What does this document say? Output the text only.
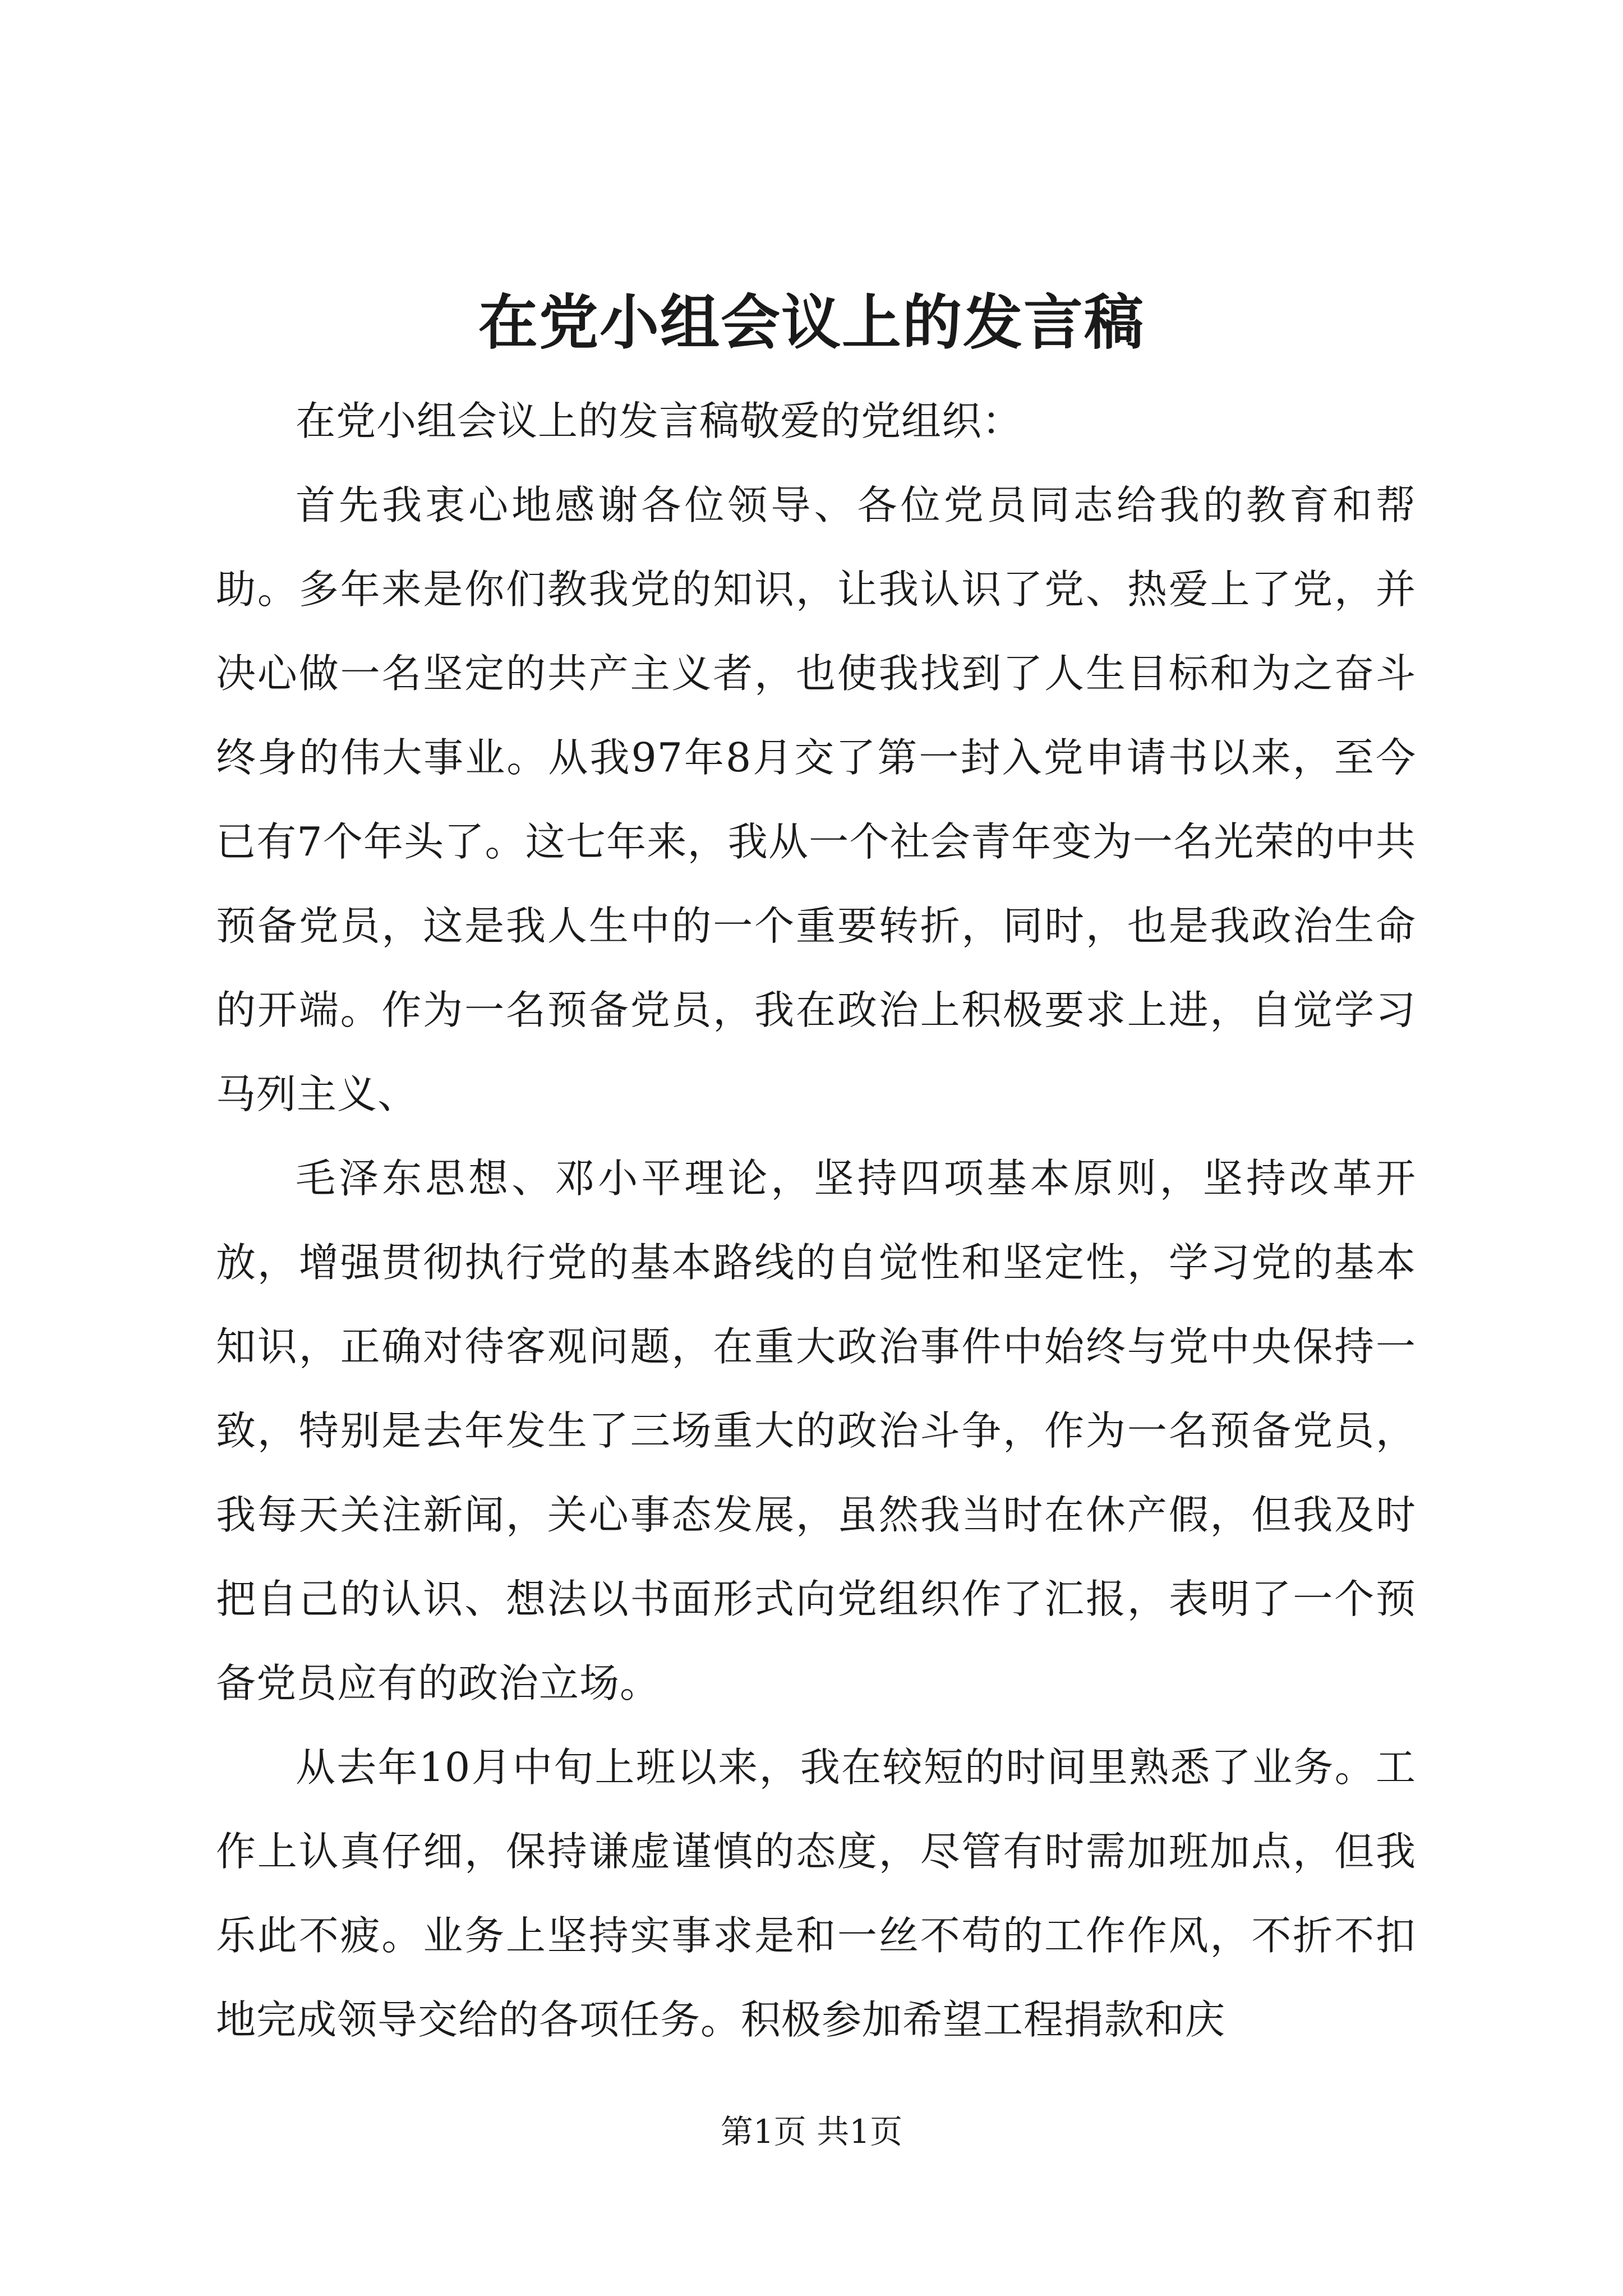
在党小组会议上的发言稿

在党小组会议上的发言稿敬爱的党组织：

首先我衷心地感谢各位领导、各位党员同志给我的教育和帮助。多年来是你们教我党的知识，让我认识了党、热爱上了党，并决心做一名坚定的共产主义者，也使我找到了人生目标和为之奋斗终身的伟大事业。从我97年8月交了第一封入党申请书以来，至今已有7个年头了。这七年来，我从一个社会青年变为一名光荣的中共预备党员，这是我人生中的一个重要转折，同时，也是我政治生命的开端。作为一名预备党员，我在政治上积极要求上进，自觉学习马列主义、

毛泽东思想、邓小平理论，坚持四项基本原则，坚持改革开放，增强贯彻执行党的基本路线的自觉性和坚定性，学习党的基本知识，正确对待客观问题，在重大政治事件中始终与党中央保持一致，特别是去年发生了三场重大的政治斗争，作为一名预备党员，我每天关注新闻，关心事态发展，虽然我当时在休产假，但我及时把自己的认识、想法以书面形式向党组织作了汇报，表明了一个预备党员应有的政治立场。

从去年10月中旬上班以来，我在较短的时间里熟悉了业务。工作上认真仔细，保持谦虚谨慎的态度，尽管有时需加班加点，但我乐此不疲。业务上坚持实事求是和一丝不苟的工作作风，不折不扣地完成领导交给的各项任务。积极参加希望工程捐款和庆

第1页 共1页
